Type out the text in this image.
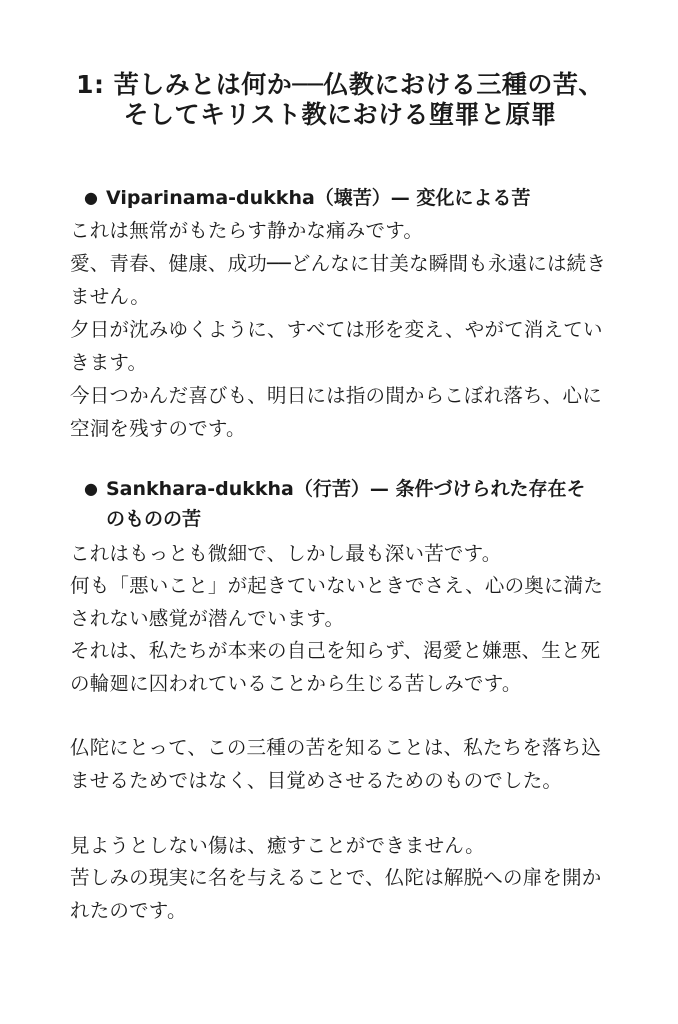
1: 苦しみとは何か──仏教における三種の苦、そしてキリスト教における堕罪と原罪
● Viparinama-dukkha（壊苦）— 変化による苦

これは無常がもたらす静かな痛みです。

愛、青春、健康、成功──どんなに甘美な瞬間も永遠には続きません。

夕日が沈みゆくように、すべては形を変え、やがて消えていきます。

今日つかんだ喜びも、明日には指の間からこぼれ落ち、心に空洞を残すのです。

● Sankhara-dukkha（行苦）— 条件づけられた存在そのものの苦

これはもっとも微細で、しかし最も深い苦です。

何も「悪いこと」が起きていないときでさえ、心の奥に満たされない感覚が潜んでいます。

それは、私たちが本来の自己を知らず、渇愛と嫌悪、生と死の輪廻に囚われていることから生じる苦しみです。

仏陀にとって、この三種の苦を知ることは、私たちを落ち込ませるためではなく、目覚めさせるためのものでした。

見ようとしない傷は、癒すことができません。

苦しみの現実に名を与えることで、仏陀は解脱への扉を開かれたのです。
